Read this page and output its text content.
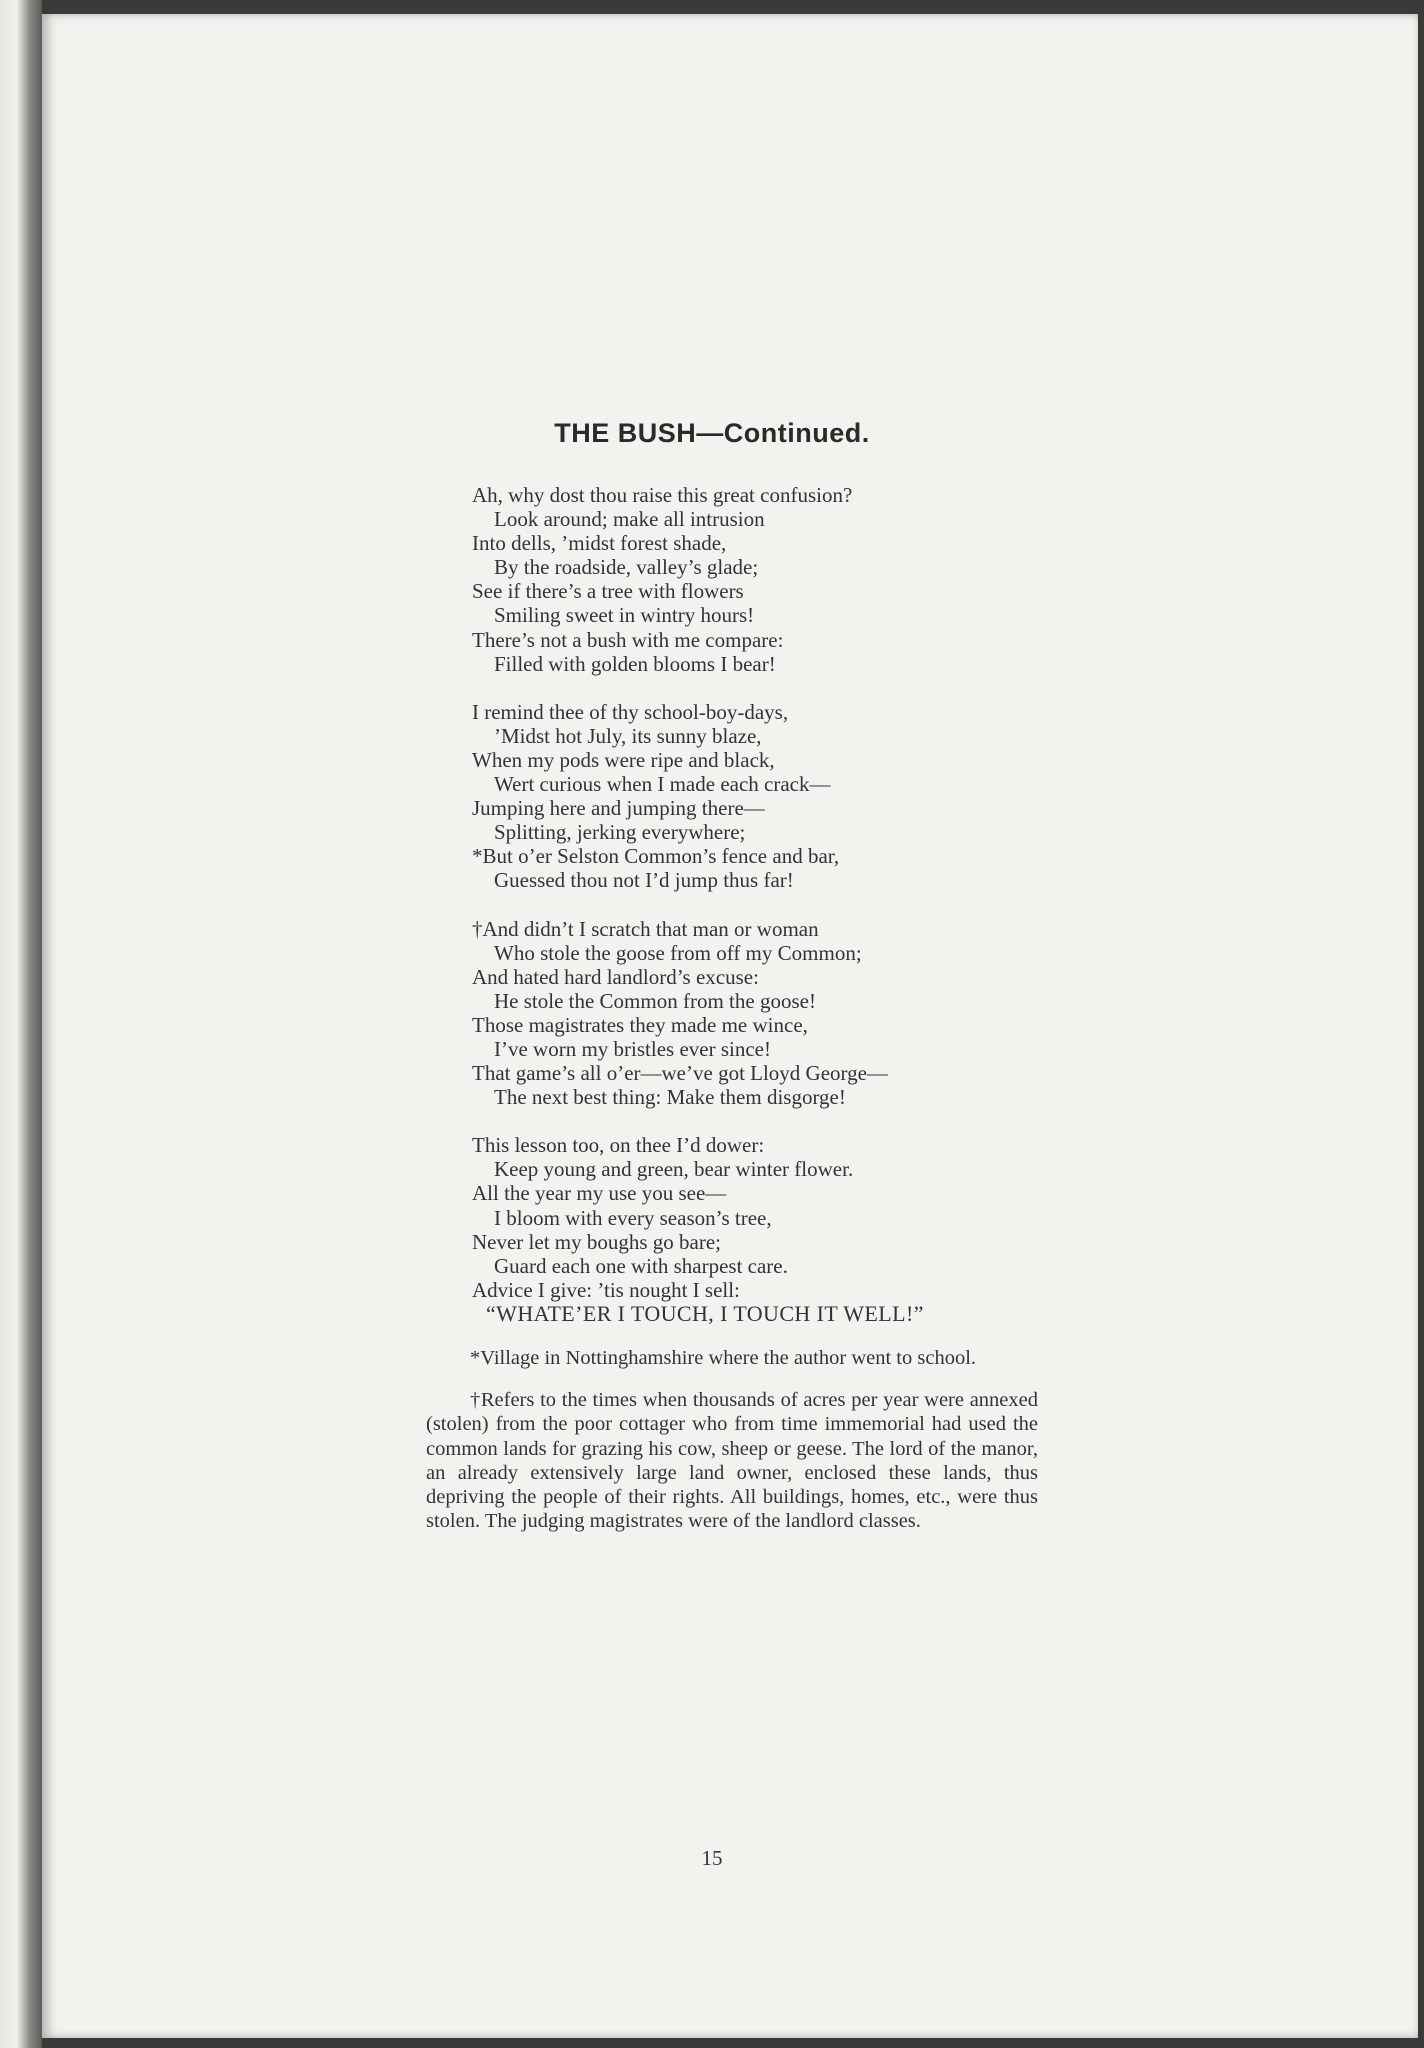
THE BUSH—Continued.
Ah, why dost thou raise this great confusion?
Look around; make all intrusion
Into dells, ’midst forest shade,
By the roadside, valley’s glade;
See if there’s a tree with flowers
Smiling sweet in wintry hours!
There’s not a bush with me compare:
Filled with golden blooms I bear!
I remind thee of thy school-boy-days,
’Midst hot July, its sunny blaze,
When my pods were ripe and black,
Wert curious when I made each crack—
Jumping here and jumping there—
Splitting, jerking everywhere;
*But o’er Selston Common’s fence and bar,
Guessed thou not I’d jump thus far!
†And didn’t I scratch that man or woman
Who stole the goose from off my Common;
And hated hard landlord’s excuse:
He stole the Common from the goose!
Those magistrates they made me wince,
I’ve worn my bristles ever since!
That game’s all o’er—we’ve got Lloyd George—
The next best thing: Make them disgorge!
This lesson too, on thee I’d dower:
Keep young and green, bear winter flower.
All the year my use you see—
I bloom with every season’s tree,
Never let my boughs go bare;
Guard each one with sharpest care.
Advice I give: ’tis nought I sell:
“WHATE’ER I TOUCH, I TOUCH IT WELL!”

*Village in Nottinghamshire where the author went to school.

†Refers to the times when thousands of acres per year were annexed (stolen) from the poor cottager who from time immemorial had used the common lands for grazing his cow, sheep or geese. The lord of the manor, an already extensively large land owner, enclosed these lands, thus depriving the people of their rights. All buildings, homes, etc., were thus stolen. The judging magistrates were of the landlord classes.

15
